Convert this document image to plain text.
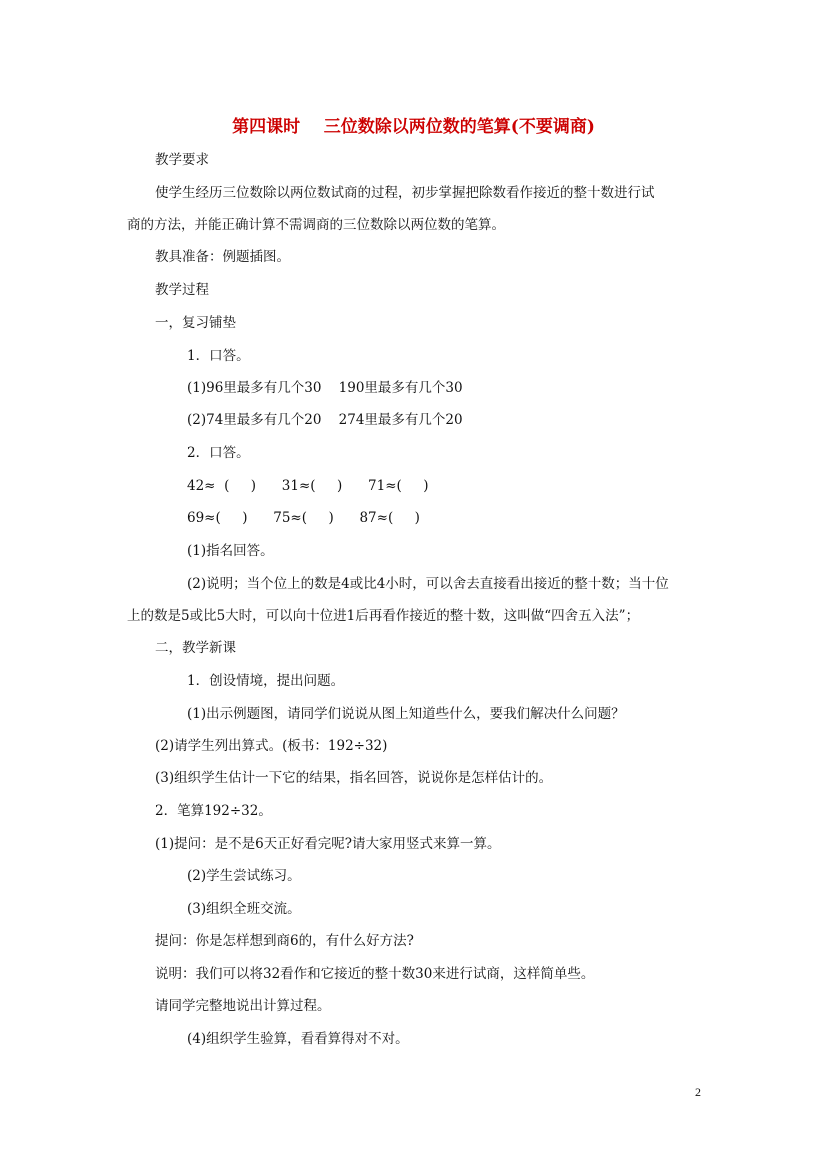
第四课时    三位数除以两位数的笔算(不要调商)
教学要求
使学生经历三位数除以两位数试商的过程，初步掌握把除数看作接近的整十数进行试
商的方法，并能正确计算不需调商的三位数除以两位数的笔算。
教具准备：例题插图。
教学过程
一，复习铺垫
1．口答。
(1)96里最多有几个30    190里最多有几个30
(2)74里最多有几个20    274里最多有几个20
2．口答。
42≈  (     )      31≈(     )      71≈(     )
69≈(     )      75≈(     )      87≈(     )
(1)指名回答。
(2)说明；当个位上的数是4或比4小时，可以舍去直接看出接近的整十数；当十位
上的数是5或比5大时，可以向十位进1后再看作接近的整十数，这叫做“四舍五入法”；
二，教学新课
1．创设情境，提出问题。
(1)出示例题图，请同学们说说从图上知道些什么，要我们解决什么问题？
(2)请学生列出算式。(板书：192÷32)
(3)组织学生估计一下它的结果，指名回答，说说你是怎样估计的。
2．笔算192÷32。
(1)提问：是不是6天正好看完呢?请大家用竖式来算一算。
(2)学生尝试练习。
(3)组织全班交流。
提问：你是怎样想到商6的，有什么好方法?
说明：我们可以将32看作和它接近的整十数30来进行试商，这样简单些。
请同学完整地说出计算过程。
(4)组织学生验算，看看算得对不对。
2
